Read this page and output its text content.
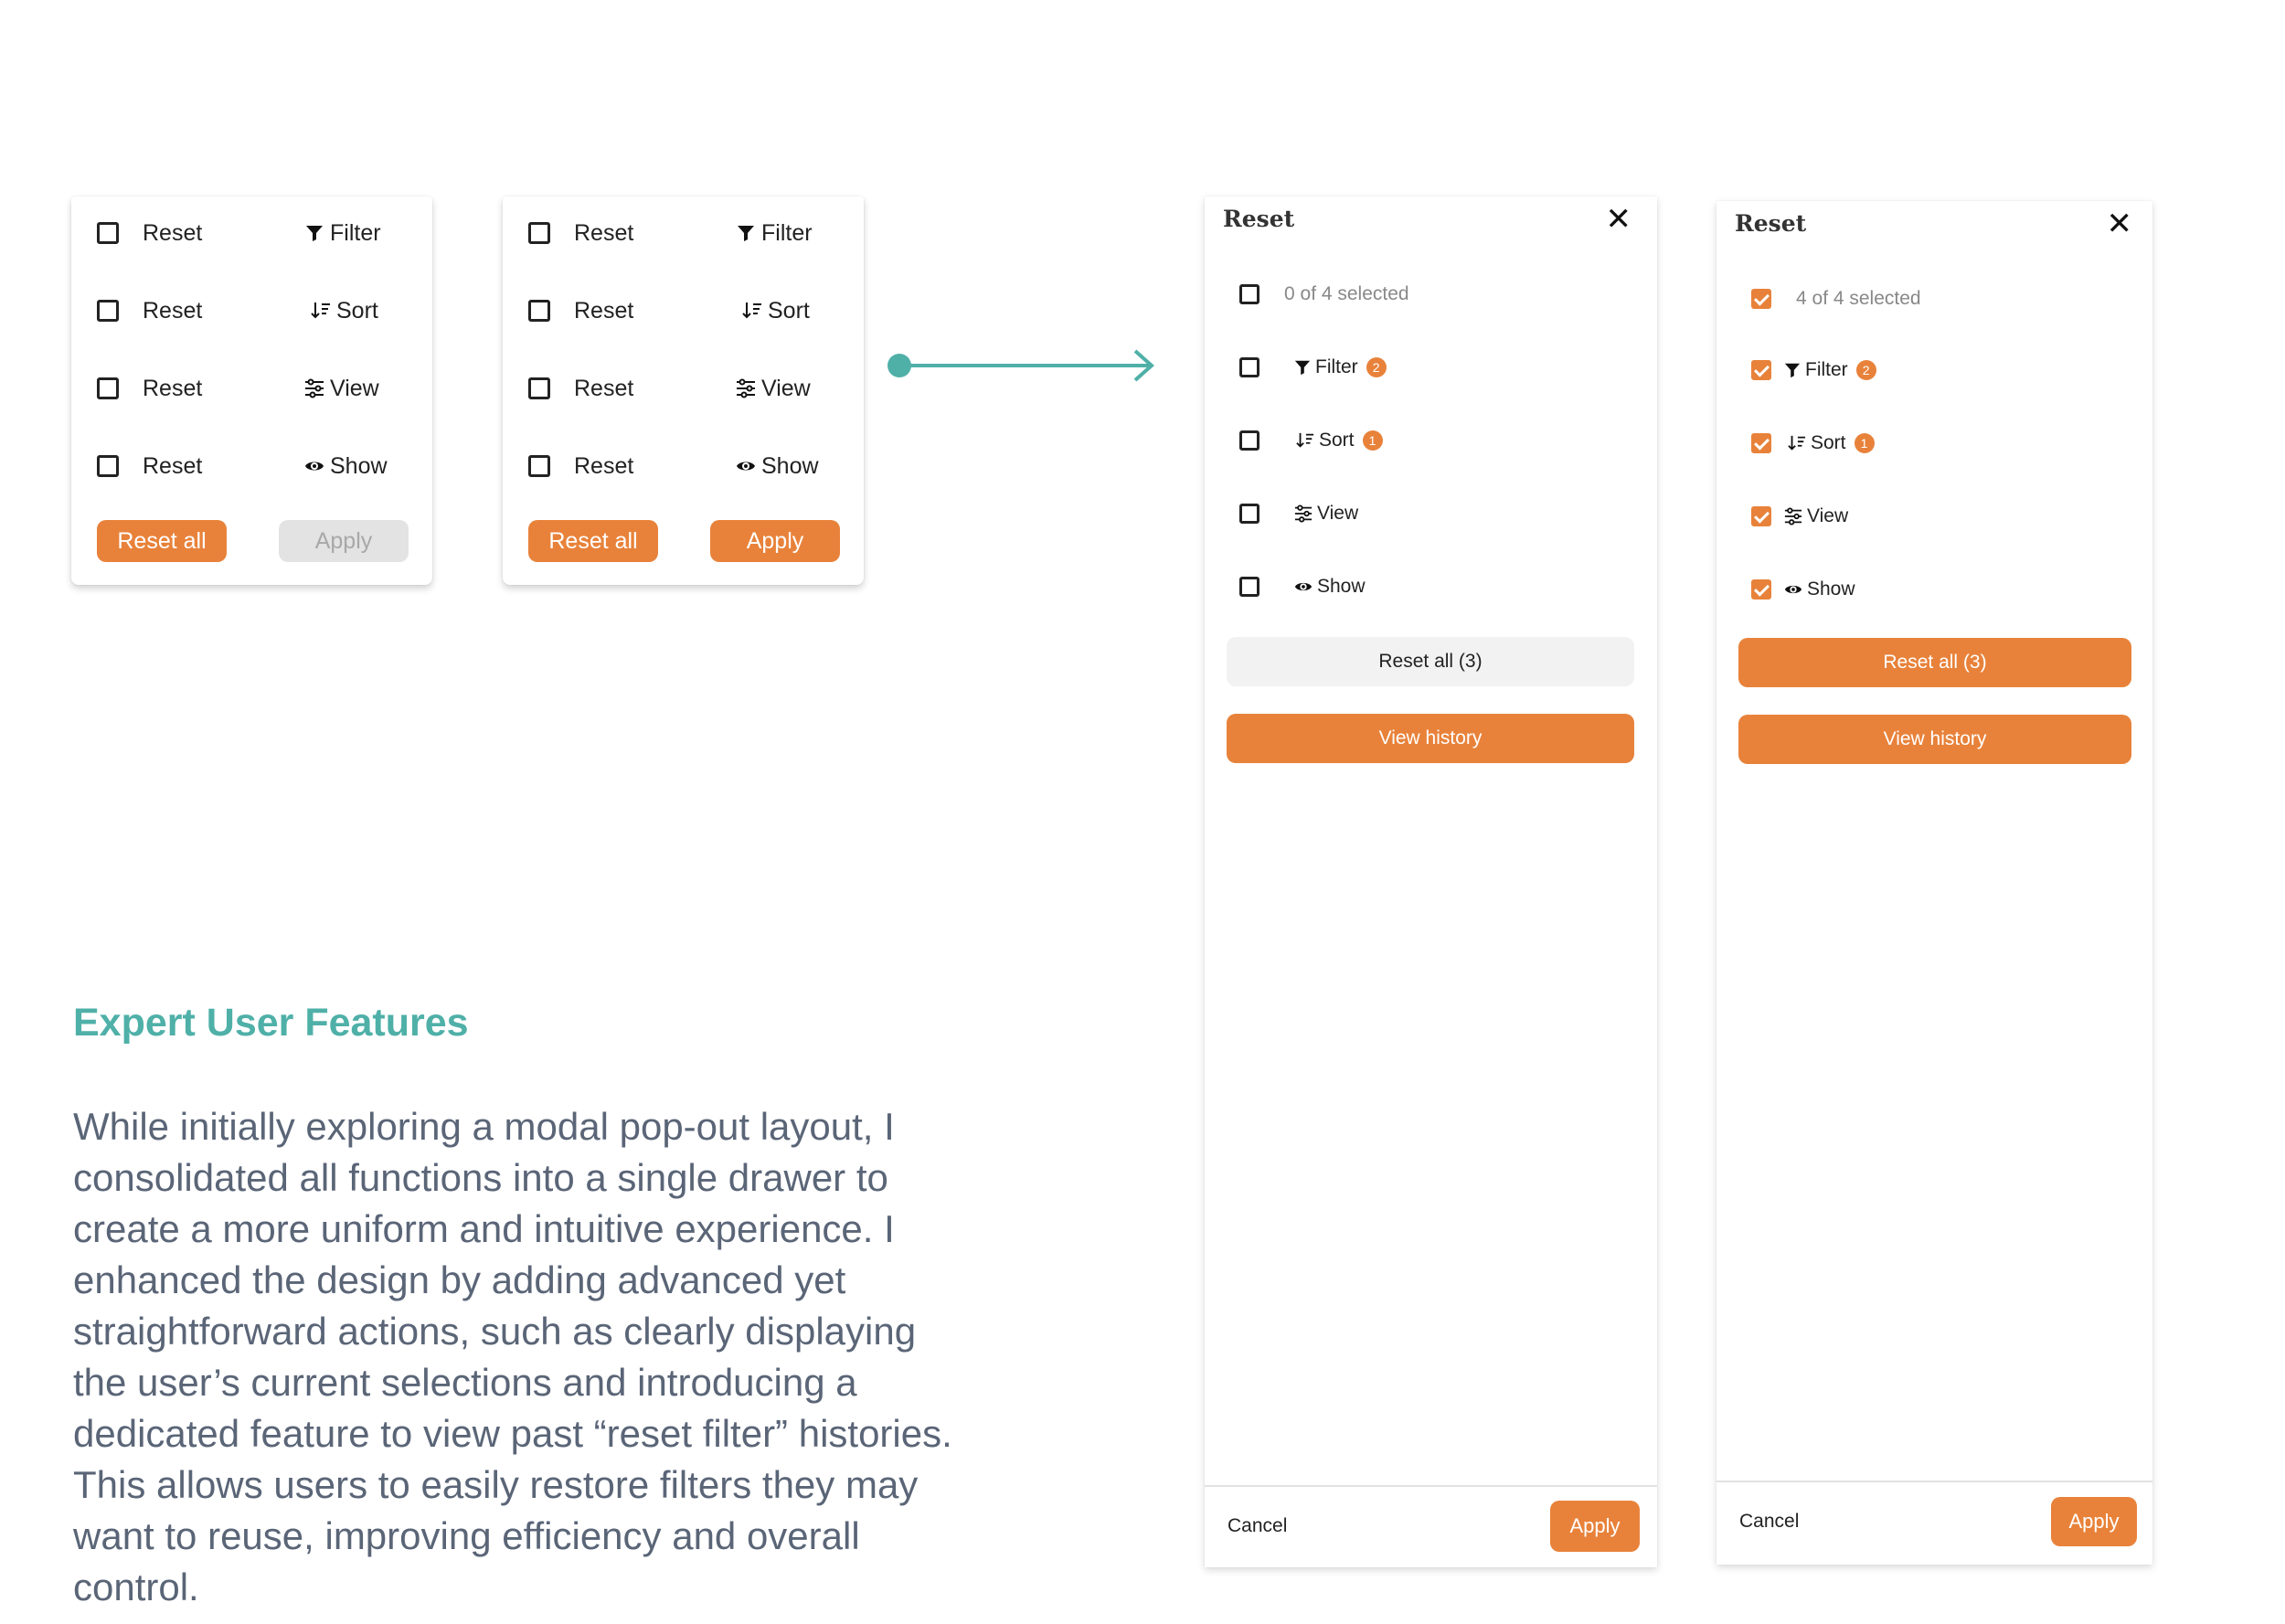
Reset	Filter
Reset	Sort
Reset	View
Reset	Show
Reset all	Apply
Reset	Filter
Reset	Sort
Reset	View
Reset	Show
Reset all	Apply
Reset	✕
0 of 4 selected
Filter	2
Sort	1
View
Show
Reset all (3)
View history
Cancel	Apply
Reset	✕
4 of 4 selected
Filter	2
Sort	1
View
Show
Reset all (3)
View history
Cancel	Apply
Expert User Features
While initially exploring a modal pop-out layout, I
consolidated all functions into a single drawer to
create a more uniform and intuitive experience. I
enhanced the design by adding advanced yet
straightforward actions, such as clearly displaying
the user’s current selections and introducing a
dedicated feature to view past “reset filter” histories.
This allows users to easily restore filters they may
want to reuse, improving efficiency and overall
control.
